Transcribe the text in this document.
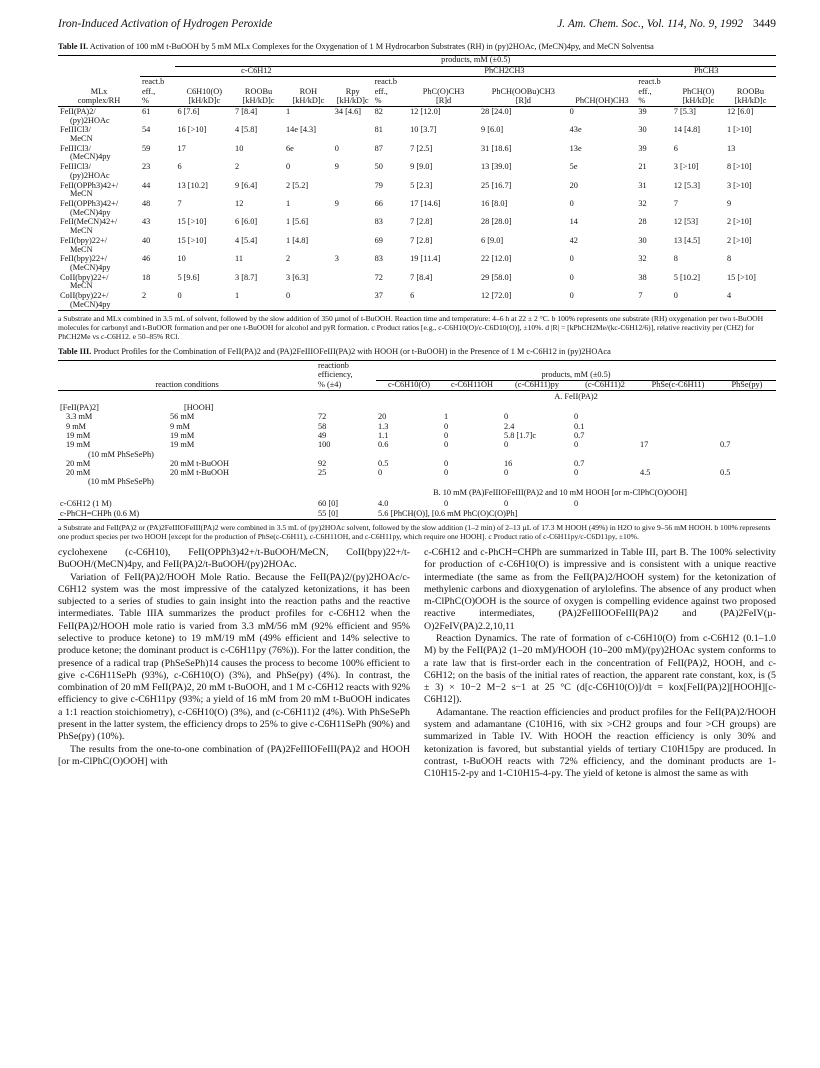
Iron-Induced Activation of Hydrogen Peroxide	J. Am. Chem. Soc., Vol. 114, No. 9, 1992 3449
Table II. Activation of 100 mM t-BuOOH by 5 mM MLx Complexes for the Oxygenation of 1 M Hydrocarbon Substrates (RH) in (py)2HOAc, (MeCN)4py, and MeCN Solventsa
		products, mM (±0.5)										
	c-C6H12					PhCH2CH3				PhCH3		
	react.b					react.b				react.b		
MLx	eff.,	C6H10(O)	ROOBu	ROH	Rpy	eff.,	PhC(O)CH3	PhCH(OOBu)CH3		eff.,	PhCH(O)	ROOBu
complex/RH	%	[kH/kD]c	[kH/kD]c	[kH/kD]c	[kH/kD]c	%	[R]d	[R]d	PhCH(OH)CH3	%	[kH/kD]c	[kH/kD]c
FeII(PA)2/
(py)2HOAc	61	6 [7.6]	7 [8.4]	1	34 [4.6]	82	12 [12.0]	28 [24.0]	0	39	7 [5.3]	12 [6.0]
FeIIICl3/
MeCN	54	16 [>10]	4 [5.8]	14e [4.3]		81	10 [3.7]	9 [6.0]	43e	30	14 [4.8]	1 [>10]
FeIIICl3/
(MeCN)4py	59	17	10	6e	0	87	7 [2.5]	31 [18.6]	13e	39	6	13
FeIIICl3/
(py)2HOAc	23	6	2	0	9	50	9 [9.0]	13 [39.0]	5e	21	3 [>10]	8 [>10]
FeII(OPPh3)42+/
MeCN	44	13 [10.2]	9 [6.4]	2 [5.2]		79	5 [2.3]	25 [16.7]	20	31	12 [5.3]	3 [>10]
FeII(OPPh3)42+/
(MeCN)4py	48	7	12	1	9	66	17 [14.6]	16 [8.0]	0	32	7	9
FeII(MeCN)42+/
MeCN	43	15 [>10]	6 [6.0]	1 [5.6]		83	7 [2.8]	28 [28.0]	14	28	12 [53]	2 [>10]
FeII(bpy)22+/
MeCN	40	15 [>10]	4 [5.4]	1 [4.8]		69	7 [2.8]	6 [9.0]	42	30	13 [4.5]	2 [>10]
FeII(bpy)22+/
(MeCN)4py	46	10	11	2	3	83	19 [11.4]	22 [12.0]	0	32	8	8
CoII(bpy)22+/
MeCN	18	5 [9.6]	3 [8.7]	3 [6.3]		72	7 [8.4]	29 [58.0]	0	38	5 [10.2]	15 [>10]
CoII(bpy)22+/
(MeCN)4py	2	0	1	0		37	6	12 [72.0]	0	7	0	4
a Substrate and MLx combined in 3.5 mL of solvent, followed by the slow addition of 350 µmol of t-BuOOH. Reaction time and temperature: 4–6 h at 22 ± 2 °C. b 100% represents one substrate (RH) oxygenation per two t-BuOOH molecules for carbonyl and t-BuOOR formation and per one t-BuOOH for alcohol and pyR formation. c Product ratios [e.g., c-C6H10(O)/c-C6D10(O)], ±10%. d |R| = [kPhCH2Me/(kc-C6H12/6)], relative reactivity per (CH2) for PhCH2Me vs c-C6H12. e 50–85% RCl.
Table III. Product Profiles for the Combination of FeII(PA)2 and (PA)2FeIIIOFeIII(PA)2 with HOOH (or t-BuOOH) in the Presence of 1 M c-C6H12 in (py)2HOAca
		reactionb						
		efficiency,	products, mM (±0.5)					
reaction conditions		% (±4)	c-C6H10(O)	c-C6H11OH	(c-C6H11)py	(c-C6H11)2	PhSe(c-C6H11)	PhSe(py)
			A. FeII(PA)2					
[FeII(PA)2]	[HOOH]							
3.3 mM	56 mM	72	20	1	0	0		
9 mM	9 mM	58	1.3	0	2.4	0.1		
19 mM	19 mM	49	1.1	0	5.8 [1.7]c	0.7		
19 mM	19 mM	100	0.6	0	0	0	17	0.7
(10 mM PhSeSePh)								
20 mM	20 mM t-BuOOH	92	0.5	0	16	0.7		
20 mM	20 mM t-BuOOH	25	0	0	0	0	4.5	0.5
(10 mM PhSeSePh)								
		B. 10 mM (PA)FeIIIOFeIII(PA)2 and 10 mM HOOH [or m-ClPhC(O)OOH]						
c-C6H12 (1 M)		60 [0]	4.0	0	0	0		
c-PhCH=CHPh (0.6 M)		55 [0]	5.6 [PhCH(O)], [0.6 mM PhC(O)C(O)Ph]					
a Substrate and FeII(PA)2 or (PA)2FeIIIOFeIII(PA)2 were combined in 3.5 mL of (py)2HOAc solvent, followed by the slow addition (1–2 min) of 2–13 µL of 17.3 M HOOH (49%) in H2O to give 9–56 mM HOOH. b 100% represents one product species per two HOOH [except for the production of PhSe(c-C6H11), c-C6H11OH, and c-C6H11py, which require one HOOH]. c Product ratio of c-C6H11py/c-C6D11py, ±10%.

cyclohexene (c-C6H10), FeII(OPPh3)42+/t-BuOOH/MeCN, CoII(bpy)22+/t-BuOOH/(MeCN)4py, and FeII(PA)2/t-BuOOH/(py)2HOAc.

Variation of FeII(PA)2/HOOH Mole Ratio. Because the FeII(PA)2/(py)2HOAc/c-C6H12 system was the most impressive of the catalyzed ketonizations, it has been subjected to a series of studies to gain insight into the reaction paths and the reactive intermediates. Table IIIA summarizes the product profiles for c-C6H12 when the FeII(PA)2/HOOH mole ratio is varied from 3.3 mM/56 mM (92% efficient and 95% selective to produce ketone) to 19 mM/19 mM (49% efficient and 14% selective to produce ketone; the dominant product is c-C6H11py (76%)). For the latter condition, the presence of a radical trap (PhSeSePh)14 causes the process to become 100% efficient to give c-C6H11SePh (93%), c-C6H10(O) (3%), and PhSe(py) (4%). In contrast, the combination of 20 mM FeII(PA)2, 20 mM t-BuOOH, and 1 M c-C6H12 reacts with 92% efficiency to give c-C6H11py (93%; a yield of 16 mM from 20 mM t-BuOOH indicates a 1:1 reaction stoichiometry), c-C6H10(O) (3%), and (c-C6H11)2 (4%). With PhSeSePh present in the latter system, the efficiency drops to 25% to give c-C6H11SePh (90%) and PhSe(py) (10%).

The results from the one-to-one combination of (PA)2FeIIIOFeIII(PA)2 and HOOH [or m-ClPhC(O)OOH] with

c-C6H12 and c-PhCH=CHPh are summarized in Table III, part B. The 100% selectivity for production of c-C6H10(O) is impressive and is consistent with a unique reactive intermediate (the same as from the FeII(PA)2/HOOH system) for the ketonization of methylenic carbons and dioxygenation of arylolefins. The absence of any product when m-ClPhC(O)OOH is the source of oxygen is compelling evidence against two proposed reactive intermediates, (PA)2FeIIIOOFeIII(PA)2 and (PA)2FeIV(µ-O)2FeIV(PA)2.2,10,11

Reaction Dynamics. The rate of formation of c-C6H10(O) from c-C6H12 (0.1–1.0 M) by the FeII(PA)2 (1–20 mM)/HOOH (10–200 mM)/(py)2HOAc system conforms to a rate law that is first-order each in the concentration of FeII(PA)2, HOOH, and c-C6H12; on the basis of the initial rates of reaction, the apparent rate constant, kox, is (5 ± 3) × 10−2 M−2 s−1 at 25 °C (d[c-C6H10(O)]/dt = kox[FeII(PA)2][HOOH][c-C6H12]).

Adamantane. The reaction efficiencies and product profiles for the FeII(PA)2/HOOH system and adamantane (C10H16, with six >CH2 groups and four >CH groups) are summarized in Table IV. With HOOH the reaction efficiency is only 30% and ketonization is favored, but substantial yields of tertiary C10H15py are produced. In contrast, t-BuOOH reacts with 72% efficiency, and the dominant products are 1-C10H15-2-py and 1-C10H15-4-py. The yield of ketone is almost the same as with
